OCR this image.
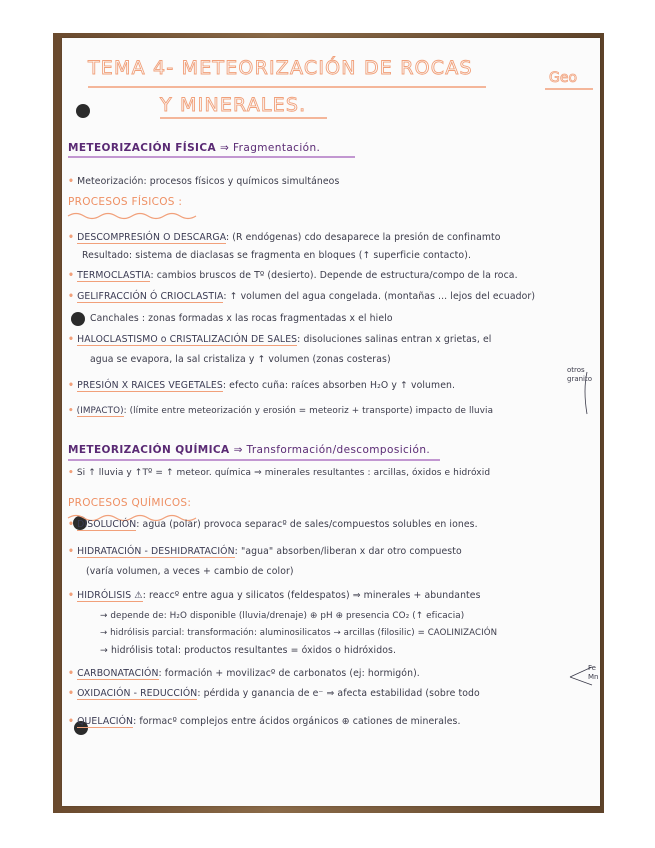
TEMA 4- METEORIZACIÓN DE ROCAS
Y MINERALES.
Geo
METEORIZACIÓN FÍSICA ⇒ Fragmentación.
• Meteorización: procesos físicos y químicos simultáneos
PROCESOS FÍSICOS :
• DESCOMPRESIÓN O DESCARGA: (R endógenas) cdo desaparece la presión de confinamto
Resultado: sistema de diaclasas se fragmenta en bloques (↑ superficie contacto).
• TERMOCLASTIA: cambios bruscos de Tº (desierto). Depende de estructura/compo de la roca.
• GELIFRACCIÓN Ó CRIOCLASTIA: ↑ volumen del agua congelada. (montañas ... lejos del ecuador)
Canchales : zonas formadas x las rocas fragmentadas x el hielo
• HALOCLASTISMO o CRISTALIZACIÓN DE SALES: disoluciones salinas entran x grietas, el
agua se evapora, la sal cristaliza y ↑ volumen (zonas costeras)
• PRESIÓN X RAICES VEGETALES: efecto cuña: raíces absorben H₂O y ↑ volumen.
• (IMPACTO): (límite entre meteorización y erosión = meteoriz + transporte) impacto de lluvia
otros
granito
METEORIZACIÓN QUÍMICA ⇒ Transformación/descomposición.
• Si ↑ lluvia y ↑Tº = ↑ meteor. química ⇒ minerales resultantes : arcillas, óxidos e hidróxid
PROCESOS QUÍMICOS:
• DISOLUCIÓN: agua (polar) provoca separacº de sales/compuestos solubles en iones.
• HIDRATACIÓN - DESHIDRATACIÓN: "agua" absorben/liberan x dar otro compuesto
(varía volumen, a veces + cambio de color)
• HIDRÓLISIS ⚠: reaccº entre agua y silicatos (feldespatos) ⇒ minerales + abundantes
→ depende de: H₂O disponible (lluvia/drenaje) ⊕ pH ⊕ presencia CO₂ (↑ eficacia)
→ hidrólisis parcial: transformación: aluminosilicatos → arcillas (filosilic) = CAOLINIZACIÓN
→ hidrólisis total: productos resultantes = óxidos o hidróxidos.
• CARBONATACIÓN: formación + movilizacº de carbonatos (ej: hormigón).
• OXIDACIÓN - REDUCCIÓN: pérdida y ganancia de e⁻ ⇒ afecta estabilidad (sobre todo
Fe
Mn
• QUELACIÓN: formacº complejos entre ácidos orgánicos ⊕ cationes de minerales.
